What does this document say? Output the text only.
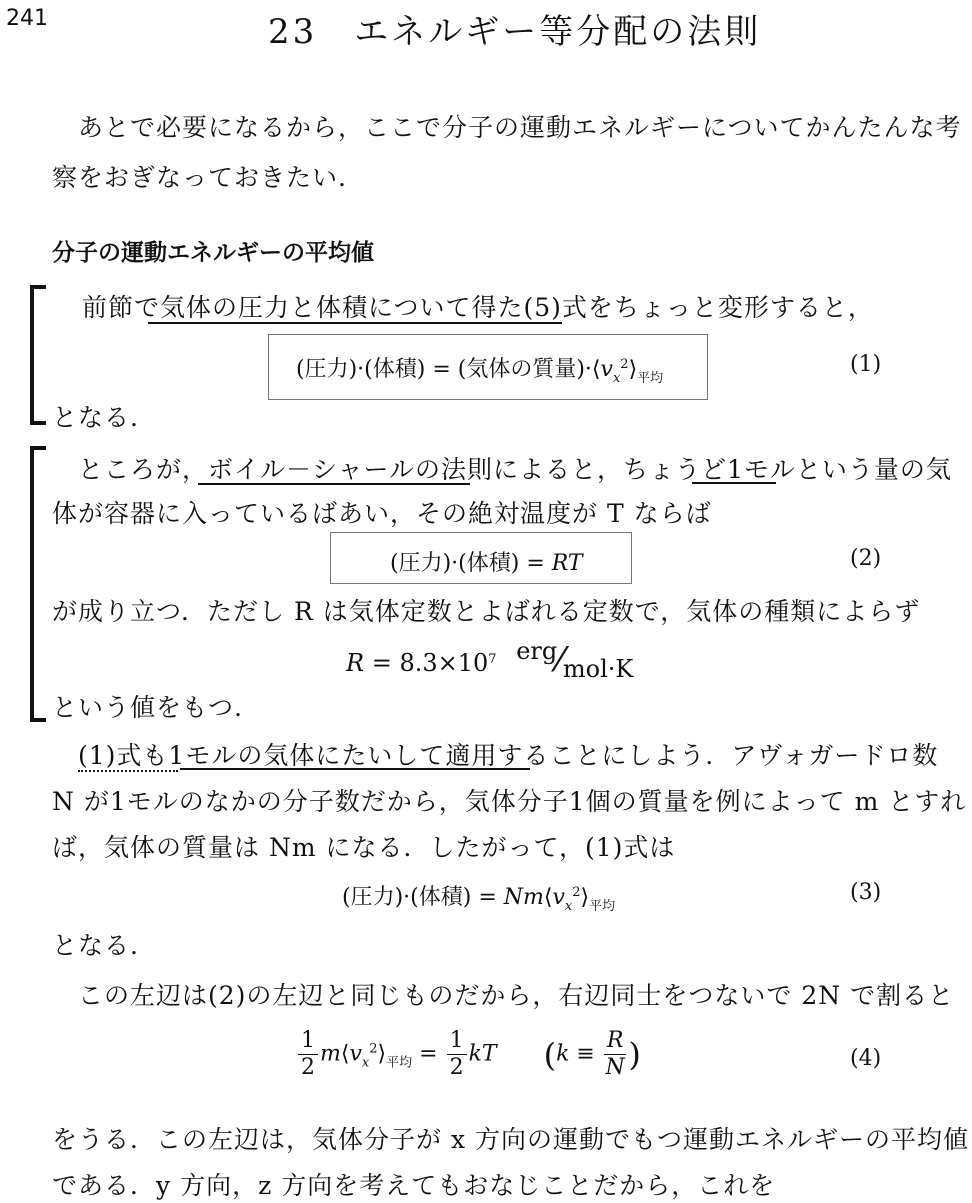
241	23　エネルギー等分配の法則
あとで必要になるから，ここで分子の運動エネルギーについてかんたんな考
察をおぎなっておきたい.
分子の運動エネルギーの平均値
前節で気体の圧力と体積について得た(5)式をちょっと変形すると，
(圧力)·(体積) = (気体の質量)$\cdot⟨v_x^2⟩_{平均}$
(1)
となる.
ところが，ボイル－シャールの法則によると，ちょうど1モルという量の気
体が容器に入っているばあい，その絶対温度が T ならば
(圧力)·(体積) = RT	(2)
が成り立つ．ただし R は気体定数とよばれる定数で，気体の種類によらず
$R = 8.3\times 10^7$ erg⁄mol·K
という値をもつ.
(1)式も1モルの気体にたいして適用することにしよう．アヴォガードロ数
N が1モルのなかの分子数だから，気体分子1個の質量を例によって m とすれ
ば，気体の質量は Nm になる．したがって，(1)式は
(圧力)·(体積) = $Nm⟨v_x^2⟩_{平均}$
(3)
となる.
この左辺は(2)の左辺と同じものだから，右辺同士をつないで 2N で割ると
$\frac{1}{2}$ $m⟨v_x^2⟩_{平均} = \frac{1}{2}$ kT ($k \equiv \frac{R}{N}$ )	(4)
をうる．この左辺は，気体分子が x 方向の運動でもつ運動エネルギーの平均値
である．y 方向，z 方向を考えてもおなじことだから，これを
